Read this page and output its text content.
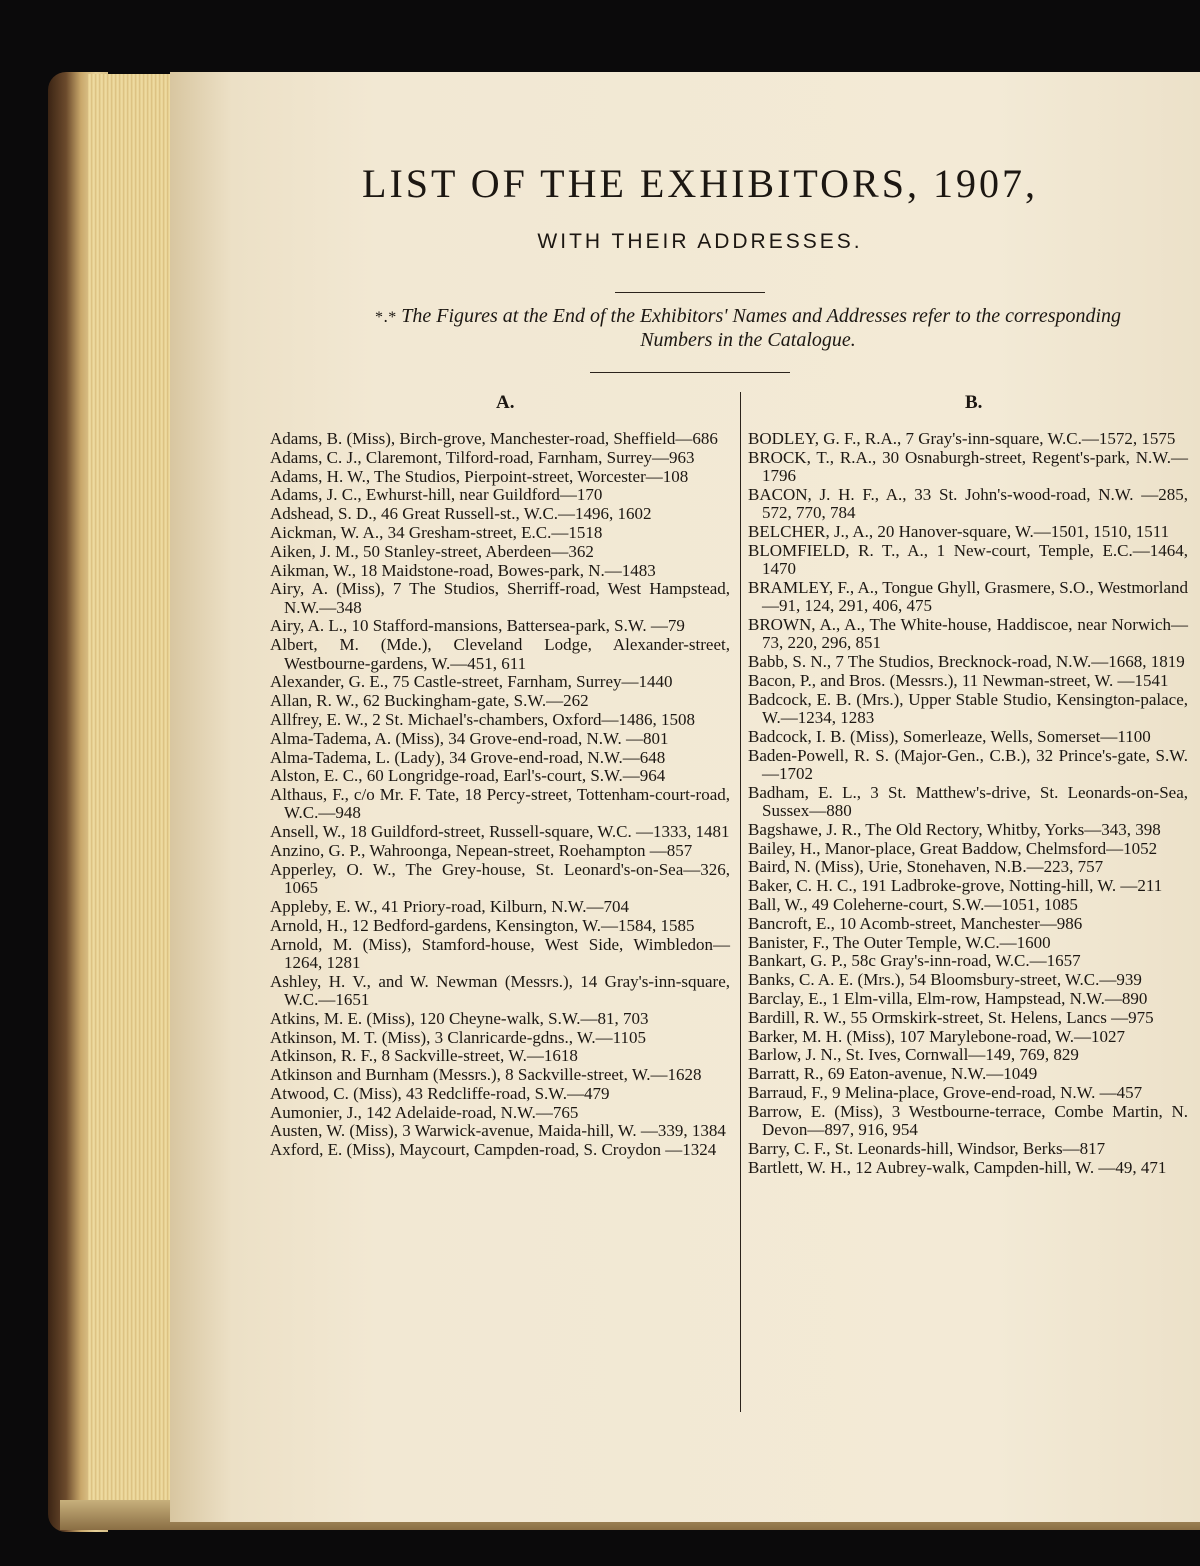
LIST OF THE EXHIBITORS, 1907,
WITH THEIR ADDRESSES.
*․* The Figures at the End of the Exhibitors' Names and Addresses refer to the corresponding Numbers in the Catalogue.
A.	B.
Adams, B. (Miss), Birch-grove, Manchester-road, Sheffield—686
Adams, C. J., Claremont, Tilford-road, Farnham, Surrey—963
Adams, H. W., The Studios, Pierpoint-street, Worcester—108
Adams, J. C., Ewhurst-hill, near Guildford—170
Adshead, S. D., 46 Great Russell-st., W.C.—1496, 1602
Aickman, W. A., 34 Gresham-street, E.C.—1518
Aiken, J. M., 50 Stanley-street, Aberdeen—362
Aikman, W., 18 Maidstone-road, Bowes-park, N.—1483
Airy, A. (Miss), 7 The Studios, Sherriff-road, West Hampstead, N.W.—348
Airy, A. L., 10 Stafford-mansions, Battersea-park, S.W. —79
Albert, M. (Mde.), Cleveland Lodge, Alexander-street, Westbourne-gardens, W.—451, 611
Alexander, G. E., 75 Castle-street, Farnham, Surrey—1440
Allan, R. W., 62 Buckingham-gate, S.W.—262
Allfrey, E. W., 2 St. Michael's-chambers, Oxford—1486, 1508
Alma-Tadema, A. (Miss), 34 Grove-end-road, N.W. —801
Alma-Tadema, L. (Lady), 34 Grove-end-road, N.W.—648
Alston, E. C., 60 Longridge-road, Earl's-court, S.W.—964
Althaus, F., c/o Mr. F. Tate, 18 Percy-street, Tottenham-court-road, W.C.—948
Ansell, W., 18 Guildford-street, Russell-square, W.C. —1333, 1481
Anzino, G. P., Wahroonga, Nepean-street, Roehampton —857
Apperley, O. W., The Grey-house, St. Leonard's-on-Sea—326, 1065
Appleby, E. W., 41 Priory-road, Kilburn, N.W.—704
Arnold, H., 12 Bedford-gardens, Kensington, W.—1584, 1585
Arnold, M. (Miss), Stamford-house, West Side, Wimbledon—1264, 1281
Ashley, H. V., and W. Newman (Messrs.), 14 Gray's-inn-square, W.C.—1651
Atkins, M. E. (Miss), 120 Cheyne-walk, S.W.—81, 703
Atkinson, M. T. (Miss), 3 Clanricarde-gdns., W.—1105
Atkinson, R. F., 8 Sackville-street, W.—1618
Atkinson and Burnham (Messrs.), 8 Sackville-street, W.—1628
Atwood, C. (Miss), 43 Redcliffe-road, S.W.—479
Aumonier, J., 142 Adelaide-road, N.W.—765
Austen, W. (Miss), 3 Warwick-avenue, Maida-hill, W. —339, 1384
Axford, E. (Miss), Maycourt, Campden-road, S. Croydon —1324
BODLEY, G. F., R.A., 7 Gray's-inn-square, W.C.—1572, 1575
BROCK, T., R.A., 30 Osnaburgh-street, Regent's-park, N.W.—1796
BACON, J. H. F., A., 33 St. John's-wood-road, N.W. —285, 572, 770, 784
BELCHER, J., A., 20 Hanover-square, W.—1501, 1510, 1511
BLOMFIELD, R. T., A., 1 New-court, Temple, E.C.—1464, 1470
BRAMLEY, F., A., Tongue Ghyll, Grasmere, S.O., Westmorland—91, 124, 291, 406, 475
BROWN, A., A., The White-house, Haddiscoe, near Norwich—73, 220, 296, 851
Babb, S. N., 7 The Studios, Brecknock-road, N.W.—1668, 1819
Bacon, P., and Bros. (Messrs.), 11 Newman-street, W. —1541
Badcock, E. B. (Mrs.), Upper Stable Studio, Kensington-palace, W.—1234, 1283
Badcock, I. B. (Miss), Somerleaze, Wells, Somerset—1100
Baden-Powell, R. S. (Major-Gen., C.B.), 32 Prince's-gate, S.W.—1702
Badham, E. L., 3 St. Matthew's-drive, St. Leonards-on-Sea, Sussex—880
Bagshawe, J. R., The Old Rectory, Whitby, Yorks—343, 398
Bailey, H., Manor-place, Great Baddow, Chelmsford—1052
Baird, N. (Miss), Urie, Stonehaven, N.B.—223, 757
Baker, C. H. C., 191 Ladbroke-grove, Notting-hill, W. —211
Ball, W., 49 Coleherne-court, S.W.—1051, 1085
Bancroft, E., 10 Acomb-street, Manchester—986
Banister, F., The Outer Temple, W.C.—1600
Bankart, G. P., 58c Gray's-inn-road, W.C.—1657
Banks, C. A. E. (Mrs.), 54 Bloomsbury-street, W.C.—939
Barclay, E., 1 Elm-villa, Elm-row, Hampstead, N.W.—890
Bardill, R. W., 55 Ormskirk-street, St. Helens, Lancs —975
Barker, M. H. (Miss), 107 Marylebone-road, W.—1027
Barlow, J. N., St. Ives, Cornwall—149, 769, 829
Barratt, R., 69 Eaton-avenue, N.W.—1049
Barraud, F., 9 Melina-place, Grove-end-road, N.W. —457
Barrow, E. (Miss), 3 Westbourne-terrace, Combe Martin, N. Devon—897, 916, 954
Barry, C. F., St. Leonards-hill, Windsor, Berks—817
Bartlett, W. H., 12 Aubrey-walk, Campden-hill, W. —49, 471
